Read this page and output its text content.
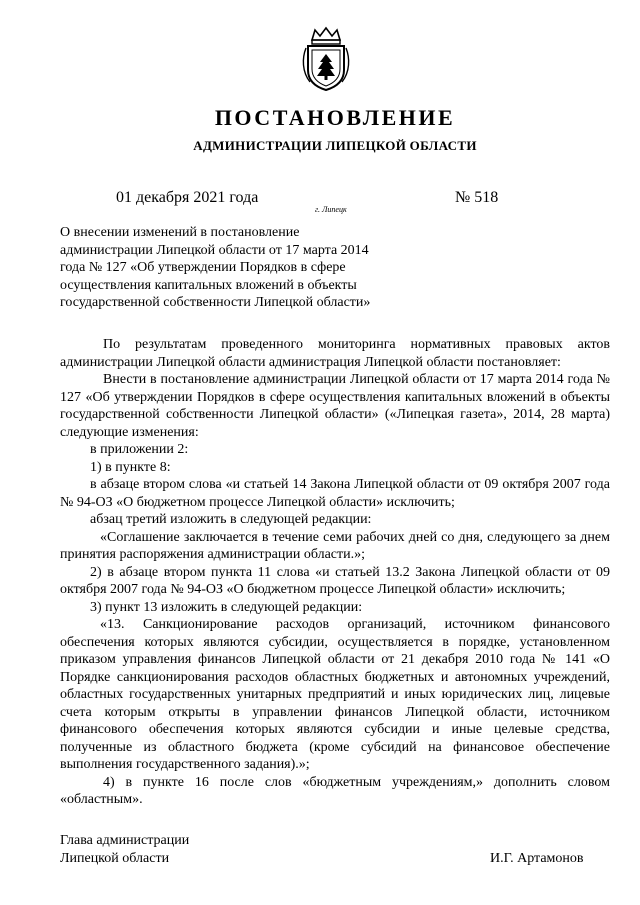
ПОСТАНОВЛЕНИЕ
АДМИНИСТРАЦИИ ЛИПЕЦКОЙ ОБЛАСТИ
01 декабря 2021 года
г. Липецк
№ 518
О внесении изменений в постановление администрации Липецкой области от 17 марта 2014 года № 127 «Об утверждении Порядков в сфере осуществления капитальных вложений в объекты государственной собственности Липецкой области»

По результатам проведенного мониторинга нормативных правовых актов администрации Липецкой области администрация Липецкой области постановляет:

Внести в постановление администрации Липецкой области от 17 марта 2014 года № 127 «Об утверждении Порядков в сфере осуществления капитальных вложений в объекты государственной собственности Липецкой области» («Липецкая газета», 2014, 28 марта) следующие изменения:

в приложении 2:

1) в пункте 8:

в абзаце втором слова «и статьей 14 Закона Липецкой области от 09 октября 2007 года № 94-ОЗ «О бюджетном процессе Липецкой области» исключить;

абзац третий изложить в следующей редакции:

«Соглашение заключается в течение семи рабочих дней со дня, следующего за днем принятия распоряжения администрации области.»;

2) в абзаце втором пункта 11 слова «и статьей 13.2 Закона Липецкой области от 09 октября 2007 года № 94-ОЗ «О бюджетном процессе Липецкой области» исключить;

3) пункт 13 изложить в следующей редакции:

«13. Санкционирование расходов организаций, источником финансового обеспечения которых являются субсидии, осуществляется в порядке, установленном приказом управления финансов Липецкой области от 21 декабря 2010 года № 141 «О Порядке санкционирования расходов областных бюджетных и автономных учреждений, областных государственных унитарных предприятий и иных юридических лиц, лицевые счета которым открыты в управлении финансов Липецкой области, источником финансового обеспечения которых являются субсидии и иные целевые средства, полученные из областного бюджета (кроме субсидий на финансовое обеспечение выполнения государственного задания).»;

4) в пункте 16 после слов «бюджетным учреждениям,» дополнить словом «областным».

Глава администрации
Липецкой области	И.Г. Артамонов
